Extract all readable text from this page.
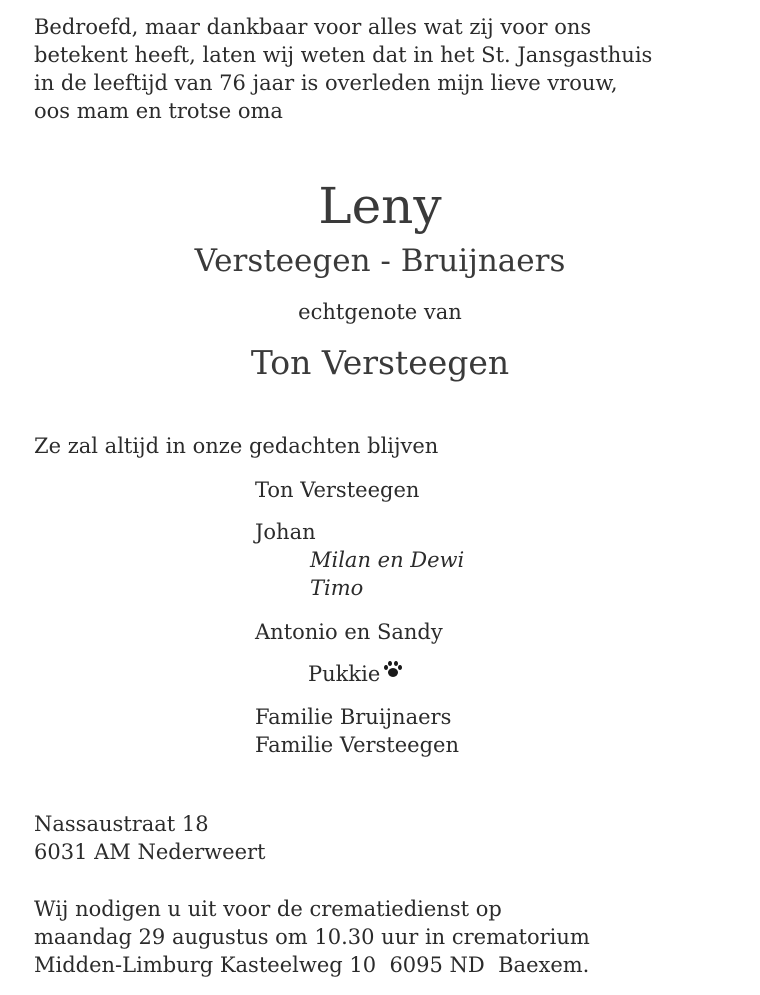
Bedroefd, maar dankbaar voor alles wat zij voor ons
betekent heeft, laten wij weten dat in het St. Jansgasthuis
in de leeftijd van 76 jaar is overleden mijn lieve vrouw,
oos mam en trotse oma
Leny
Versteegen - Bruijnaers
echtgenote van
Ton Versteegen
Ze zal altijd in onze gedachten blijven
Ton Versteegen
Johan
Milan en Dewi
Timo
Antonio en Sandy
Pukkie
Familie Bruijnaers
Familie Versteegen
Nassaustraat 18
6031 AM Nederweert
Wij nodigen u uit voor de crematiedienst op
maandag 29 augustus om 10.30 uur in crematorium
Midden-Limburg Kasteelweg 10  6095 ND  Baexem.
